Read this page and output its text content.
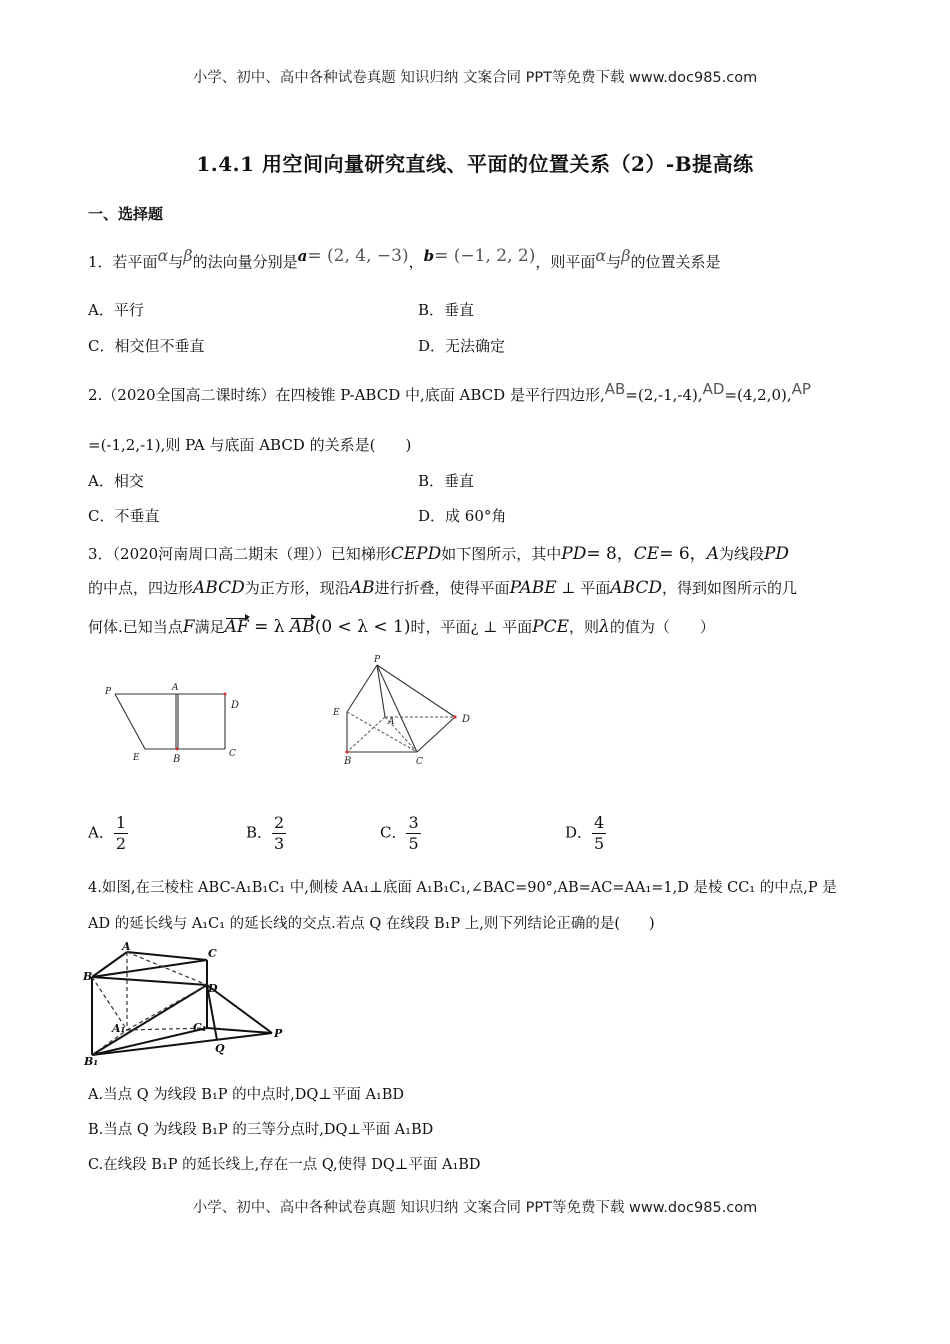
小学、初中、高中各种试卷真题 知识归纳 文案合同 PPT等免费下载 www.doc985.com
1.4.1 用空间向量研究直线、平面的位置关系（2）-B提高练
一、选择题
1．若平面α与β的法向量分别是a= (2, 4, −3)，b= (−1, 2, 2)，则平面α与β的位置关系是
A．平行	B．垂直
C．相交但不垂直	D．无法确定
2.（2020全国高二课时练）在四棱锥 P-ABCD 中,底面 ABCD 是平行四边形,AB=(2,-1,-4),AD=(4,2,0),AP
=(-1,2,-1),则 PA 与底面 ABCD 的关系是(　　)
A．相交	B．垂直
C．不垂直	D．成 60°角
3．（2020河南周口高二期末（理））已知梯形CEPD如下图所示，其中PD= 8，CE= 6，A为线段PD
的中点，四边形ABCD为正方形，现沿AB进行折叠，使得平面PABE ⊥ 平面ABCD，得到如图所示的几
何体.已知当点F满足AF = λ AB(0 < λ < 1)时，平面¿ ⊥ 平面PCE，则λ的值为（　　）
P	A
D
E	B	C
P
E
A	D
B	C
A． $\frac{1}{2}$	B． $\frac{2}{3}$	C． $\frac{3}{5}$	D． $\frac{4}{5}$
4.如图,在三棱柱 ABC-A₁B₁C₁ 中,侧棱 AA₁⊥底面 A₁B₁C₁,∠BAC=90°,AB=AC=AA₁=1,D 是棱 CC₁ 的中点,P 是
AD 的延长线与 A₁C₁ 的延长线的交点.若点 Q 在线段 B₁P 上,则下列结论正确的是(　　)
A
C
B
D
A₁	C₁	P
Q
B₁
A.当点 Q 为线段 B₁P 的中点时,DQ⊥平面 A₁BD
B.当点 Q 为线段 B₁P 的三等分点时,DQ⊥平面 A₁BD
C.在线段 B₁P 的延长线上,存在一点 Q,使得 DQ⊥平面 A₁BD
小学、初中、高中各种试卷真题 知识归纳 文案合同 PPT等免费下载 www.doc985.com
